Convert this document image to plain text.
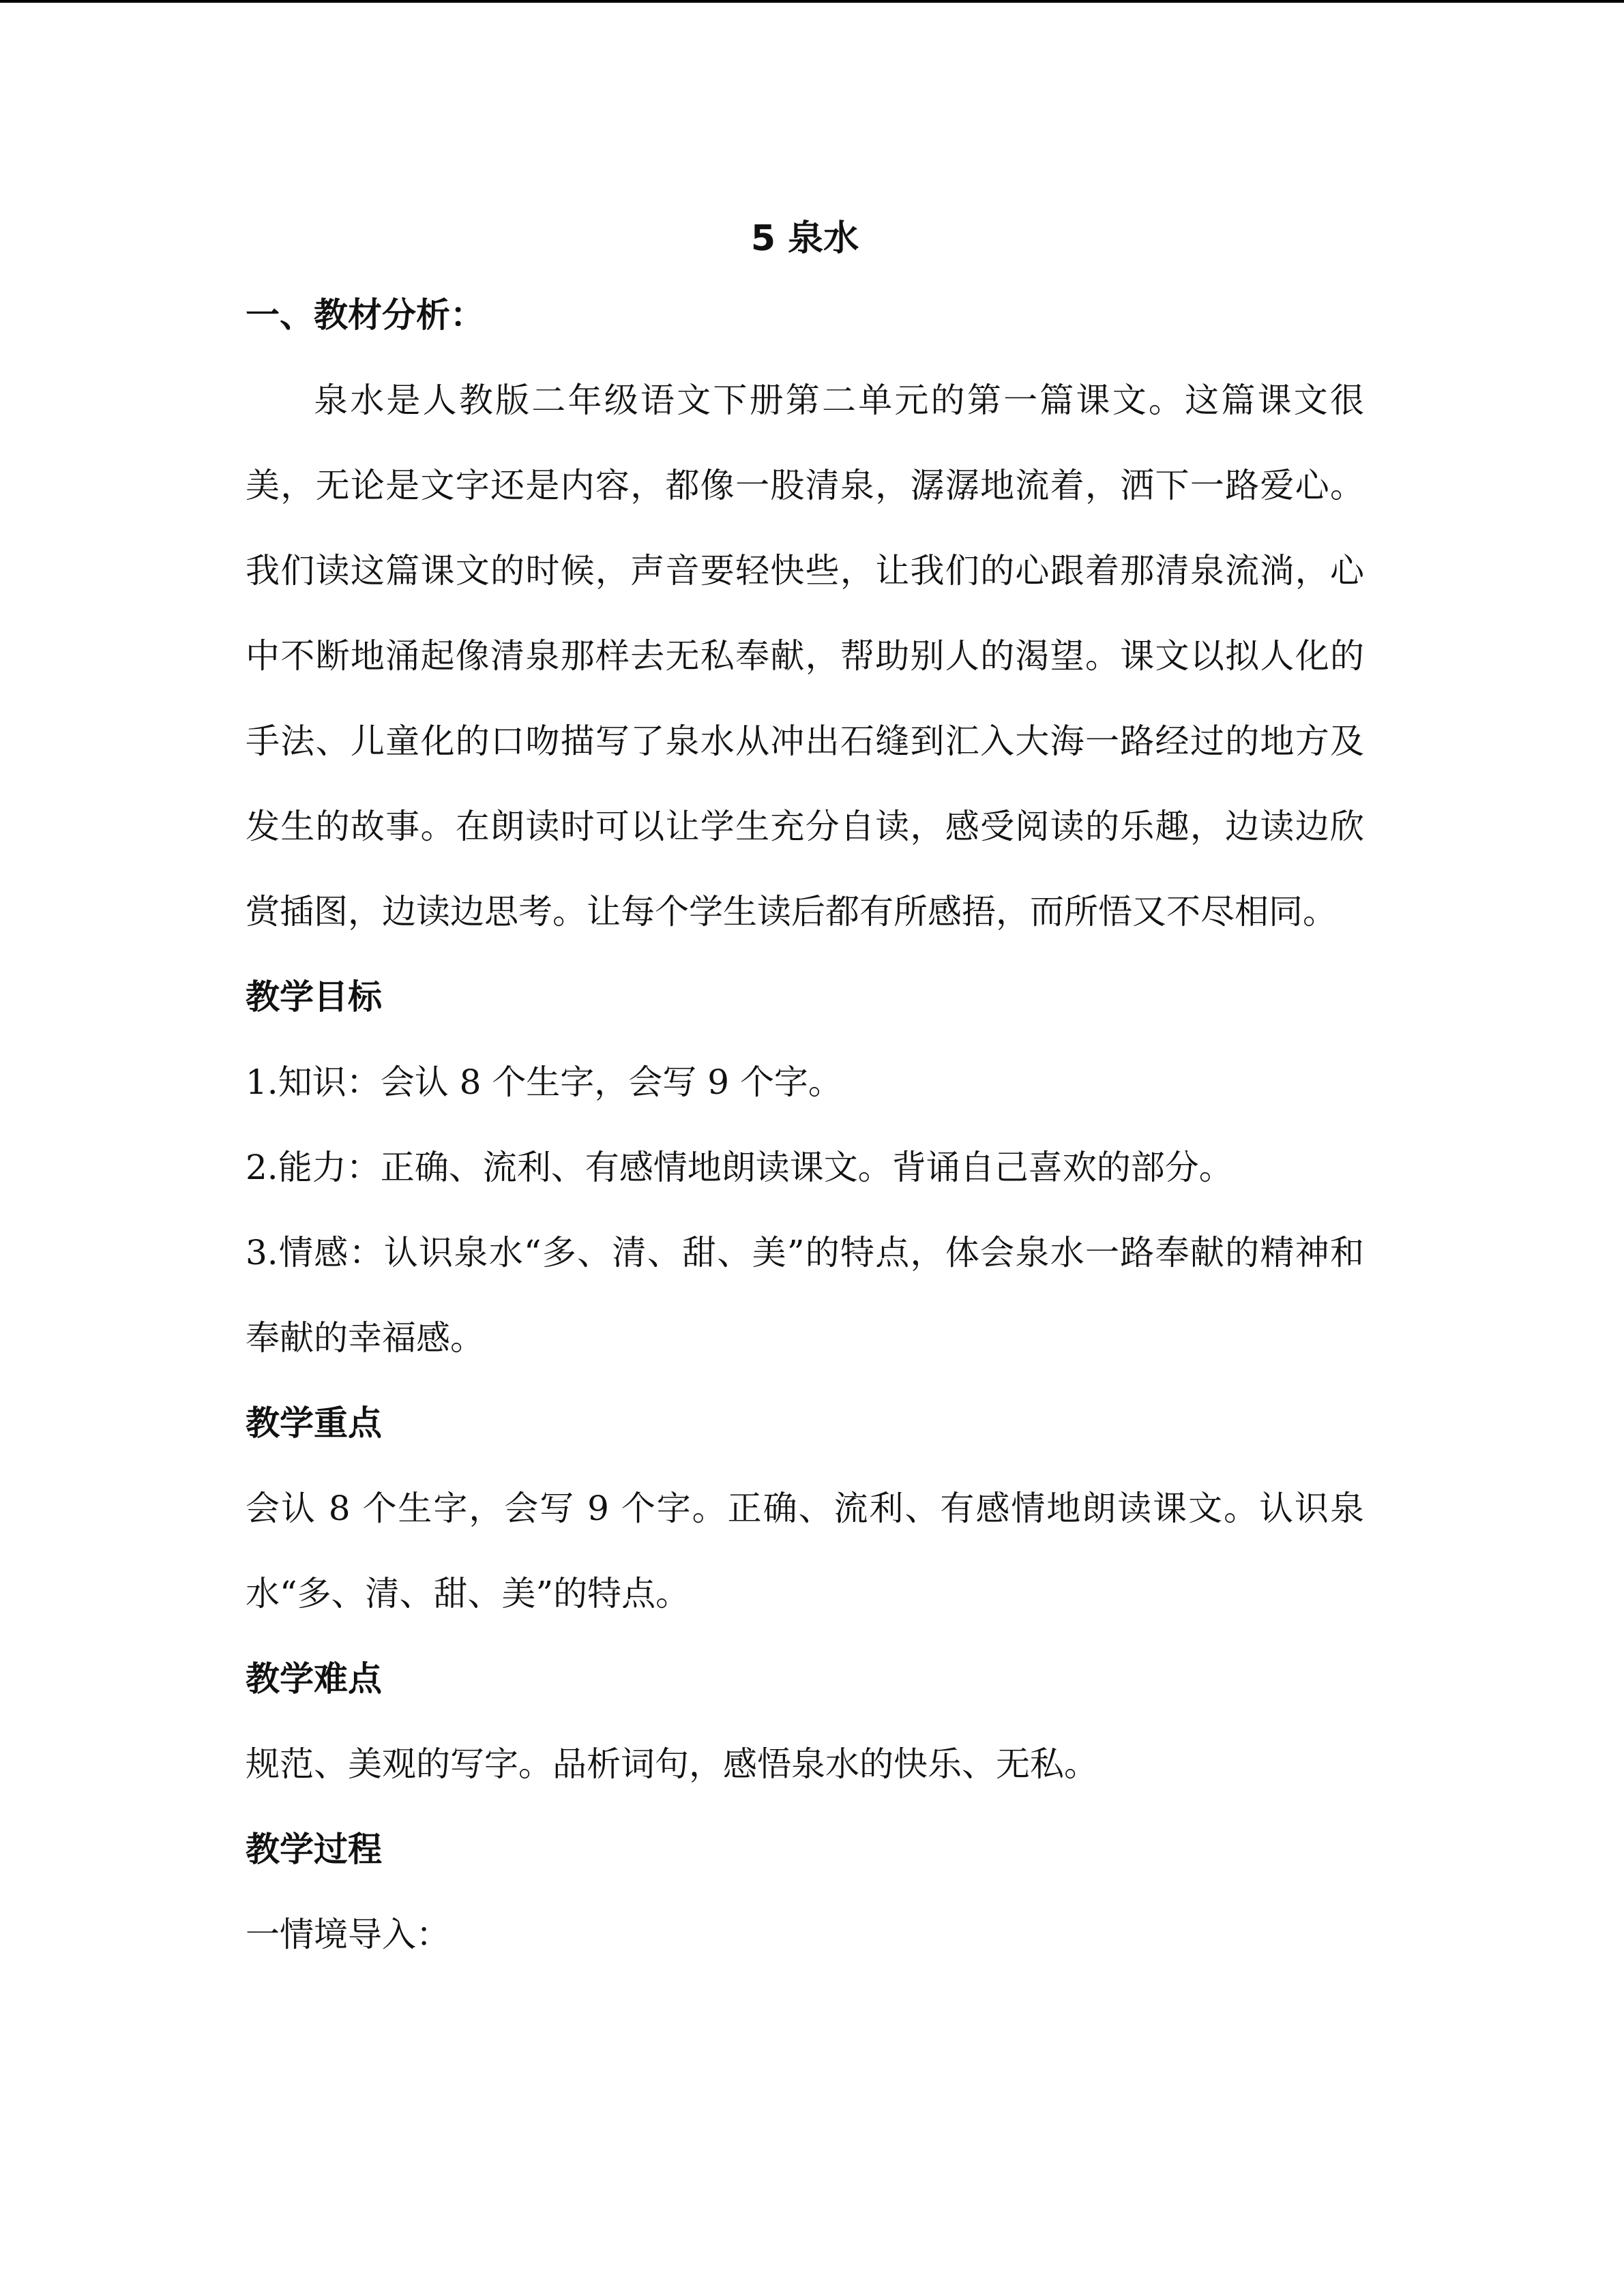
5 泉水
一、教材分析：

泉水是人教版二年级语文下册第二单元的第一篇课文。这篇课文很美，无论是文字还是内容，都像一股清泉，潺潺地流着，洒下一路爱心。我们读这篇课文的时候，声音要轻快些，让我们的心跟着那清泉流淌，心中不断地涌起像清泉那样去无私奉献，帮助别人的渴望。课文以拟人化的手法、儿童化的口吻描写了泉水从冲出石缝到汇入大海一路经过的地方及发生的故事。在朗读时可以让学生充分自读，感受阅读的乐趣，边读边欣赏插图，边读边思考。让每个学生读后都有所感捂，而所悟又不尽相同。

教学目标

1.知识：会认 8 个生字，会写 9 个字。

2.能力：正确、流利、有感情地朗读课文。背诵自己喜欢的部分。

3.情感：认识泉水“多、清、甜、美”的特点，体会泉水一路奉献的精神和奉献的幸福感。

教学重点

会认 8 个生字，会写 9 个字。正确、流利、有感情地朗读课文。认识泉水“多、清、甜、美”的特点。

教学难点

规范、美观的写字。品析词句，感悟泉水的快乐、无私。

教学过程

一情境导入：
